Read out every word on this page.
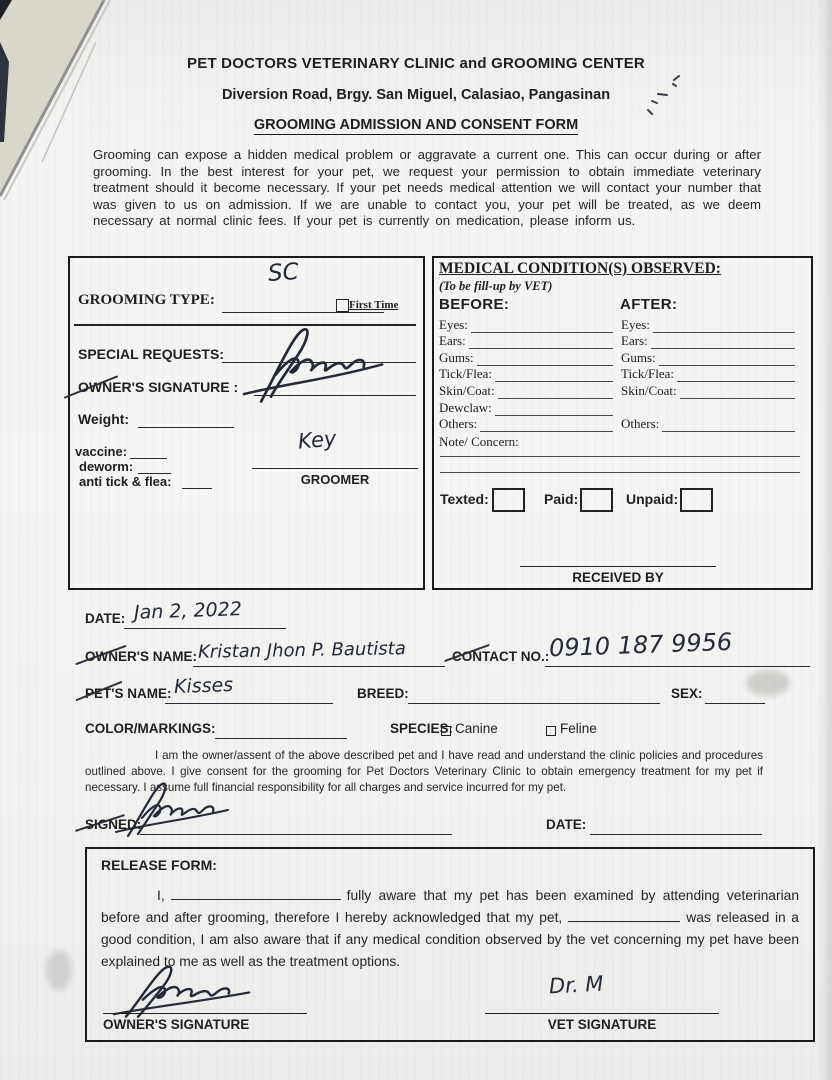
PET DOCTORS VETERINARY CLINIC and GROOMING CENTER
Diversion Road, Brgy. San Miguel, Calasiao, Pangasinan
GROOMING ADMISSION AND CONSENT FORM
Grooming can expose a hidden medical problem or aggravate a current one. This can occur during or after grooming. In the best interest for your pet, we request your permission to obtain immediate veterinary treatment should it become necessary. If your pet needs medical attention we will contact your number that was given to us on admission. If we are unable to contact you, your pet will be treated, as we deem necessary at normal clinic fees. If your pet is currently on medication, please inform us.
GROOMING TYPE:
SC
First Time
SPECIAL REQUESTS:
OWNER'S SIGNATURE :
Weight:
vaccine:
deworm:
anti tick & flea:
Key
GROOMER
MEDICAL CONDITION(S) OBSERVED:
(To be fill-up by VET)
BEFORE:	AFTER:
Eyes:	Eyes:
Ears:	Ears:
Gums:	Gums:
Tick/Flea:	Tick/Flea:
Skin/Coat:	Skin/Coat:
Dewclaw:
Others:	Others:
Note/ Concern:
Texted:	Paid:	Unpaid:
RECEIVED BY
DATE: Jan 2, 2022
OWNER'S NAME: Kristan Jhon P. Bautista	CONTACT NO.: 0910 187 9956
PET'S NAME: Kisses	BREED:	SEX:
COLOR/MARKINGS:	SPECIES: Canine	Feline
I am the owner/assent of the above described pet and I have read and understand the clinic policies and procedures outlined above. I give consent for the grooming for Pet Doctors Veterinary Clinic to obtain emergency treatment for my pet if necessary. I assume full financial responsibility for all charges and service incurred for my pet.
SIGNED:	DATE:
RELEASE FORM:
I,	fully aware that my pet has been examined by attending veterinarian before and after grooming, therefore I hereby acknowledged that my pet,	was released in a good condition, I am also aware that if any medical condition observed by the vet concerning my pet have been explained to me as well as the treatment options.
OWNER'S SIGNATURE
Dr. M
VET SIGNATURE
